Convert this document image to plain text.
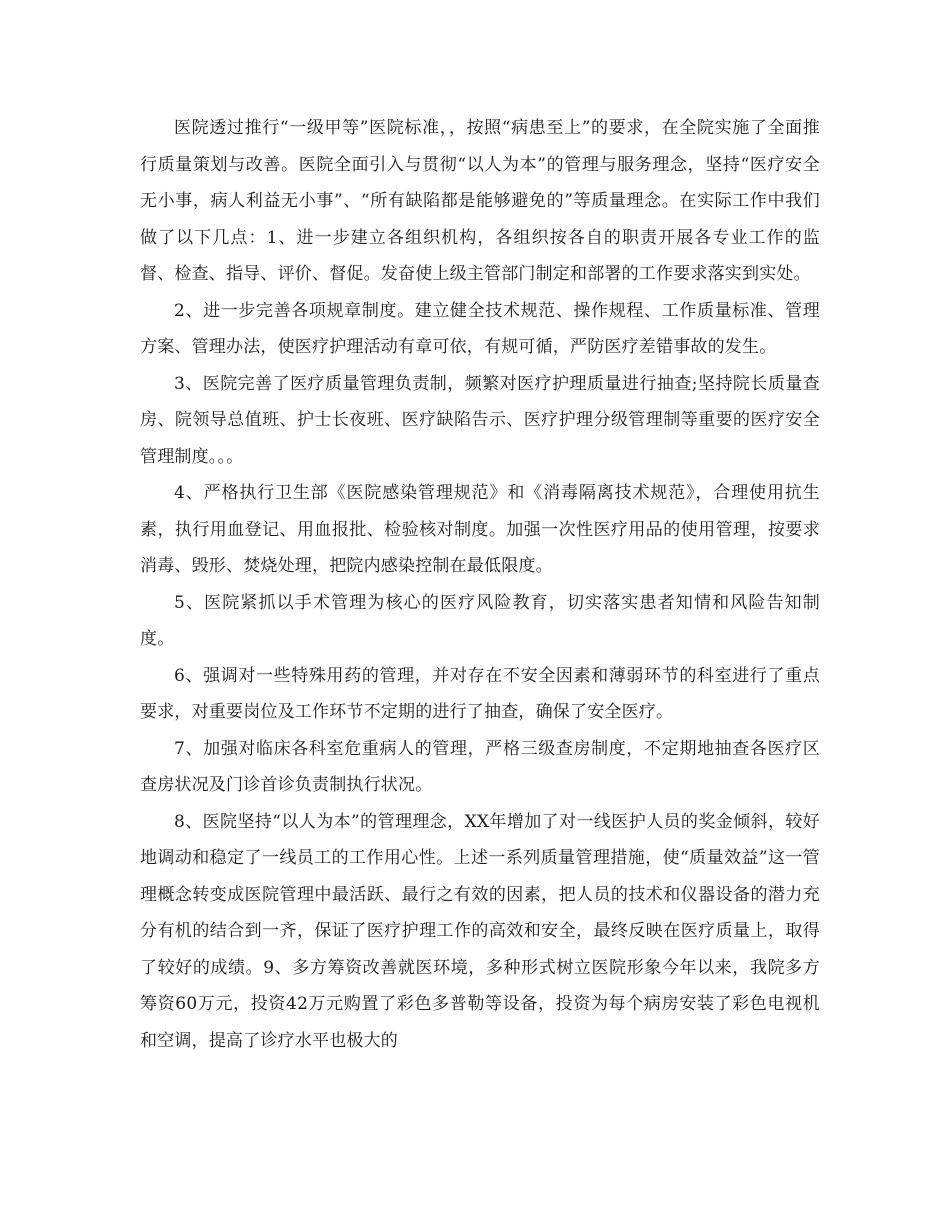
医院透过推行“一级甲等”医院标准，，按照“病患至上”的要求，在全院实施了全面推行质量策划与改善。医院全面引入与贯彻“以人为本”的管理与服务理念，坚持“医疗安全无小事，病人利益无小事”、“所有缺陷都是能够避免的”等质量理念。在实际工作中我们做了以下几点：1、进一步建立各组织机构，各组织按各自的职责开展各专业工作的监督、检查、指导、评价、督促。发奋使上级主管部门制定和部署的工作要求落实到实处。

2、进一步完善各项规章制度。建立健全技术规范、操作规程、工作质量标准、管理方案、管理办法，使医疗护理活动有章可依，有规可循，严防医疗差错事故的发生。

3、医院完善了医疗质量管理负责制，频繁对医疗护理质量进行抽查;坚持院长质量查房、院领导总值班、护士长夜班、医疗缺陷告示、医疗护理分级管理制等重要的医疗安全管理制度。。。

4、严格执行卫生部《医院感染管理规范》和《消毒隔离技术规范》，合理使用抗生素，执行用血登记、用血报批、检验核对制度。加强一次性医疗用品的使用管理，按要求消毒、毁形、焚烧处理，把院内感染控制在最低限度。

5、医院紧抓以手术管理为核心的医疗风险教育，切实落实患者知情和风险告知制度。

6、强调对一些特殊用药的管理，并对存在不安全因素和薄弱环节的科室进行了重点要求，对重要岗位及工作环节不定期的进行了抽查，确保了安全医疗。

7、加强对临床各科室危重病人的管理，严格三级查房制度，不定期地抽查各医疗区查房状况及门诊首诊负责制执行状况。

8、医院坚持“以人为本”的管理理念，XX年增加了对一线医护人员的奖金倾斜，较好地调动和稳定了一线员工的工作用心性。上述一系列质量管理措施，使“质量效益”这一管理概念转变成医院管理中最活跃、最行之有效的因素，把人员的技术和仪器设备的潜力充分有机的结合到一齐，保证了医疗护理工作的高效和安全，最终反映在医疗质量上，取得了较好的成绩。9、多方筹资改善就医环境，多种形式树立医院形象今年以来，我院多方筹资60万元，投资42万元购置了彩色多普勒等设备，投资为每个病房安装了彩色电视机和空调，提高了诊疗水平也极大的
